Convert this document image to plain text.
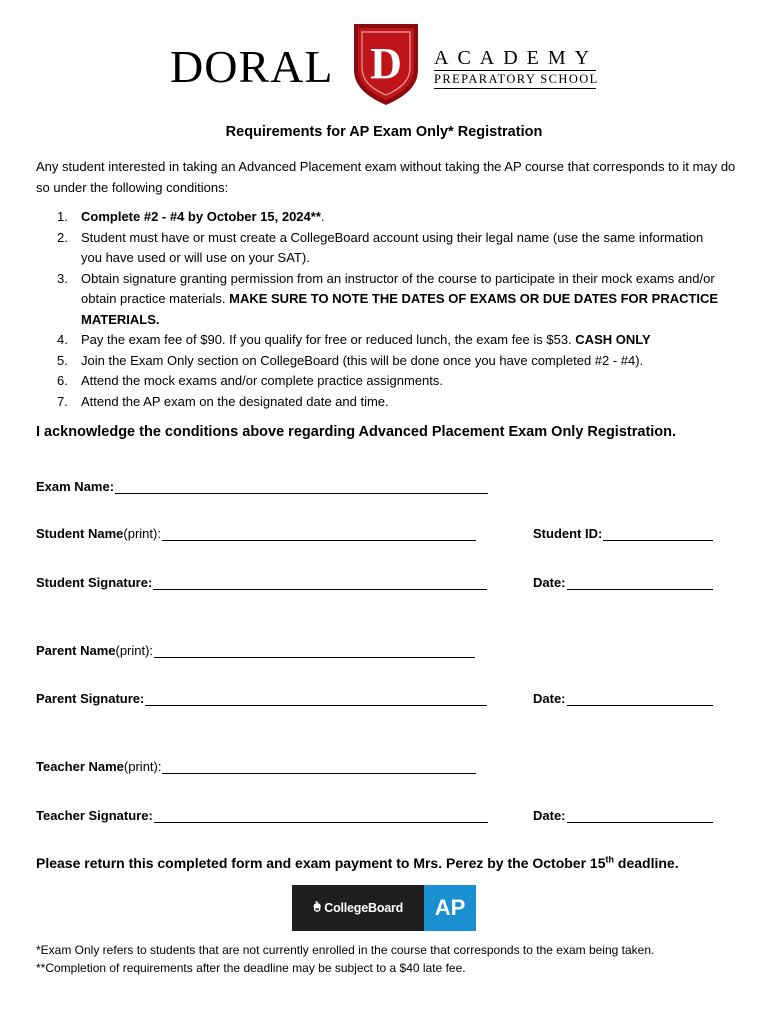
DORAL D ACADEMY
PREPARATORY SCHOOL
Requirements for AP Exam Only* Registration

Any student interested in taking an Advanced Placement exam without taking the AP course that corresponds to it may do so under the following conditions:

1. Complete #2 - #4 by October 15, 2024**.
2. Student must have or must create a CollegeBoard account using their legal name (use the same information you have used or will use on your SAT).
3. Obtain signature granting permission from an instructor of the course to participate in their mock exams and/or obtain practice materials. MAKE SURE TO NOTE THE DATES OF EXAMS OR DUE DATES FOR PRACTICE MATERIALS.
4. Pay the exam fee of $90. If you qualify for free or reduced lunch, the exam fee is $53. CASH ONLY
5. Join the Exam Only section on CollegeBoard (this will be done once you have completed #2 - #4).
6. Attend the mock exams and/or complete practice assignments.
7. Attend the AP exam on the designated date and time.
I acknowledge the conditions above regarding Advanced Placement Exam Only Registration.
Exam Name:
Student Name (print):	Student ID:
Student Signature:	Date:
Parent Name (print):
Parent Signature:	Date:
Teacher Name (print):
Teacher Signature:	Date:
Please return this completed form and exam payment to Mrs. Perez by the October 15th deadline.
🌰︎ CollegeBoard AP
*Exam Only refers to students that are not currently enrolled in the course that corresponds to the exam being taken.
**Completion of requirements after the deadline may be subject to a $40 late fee.
